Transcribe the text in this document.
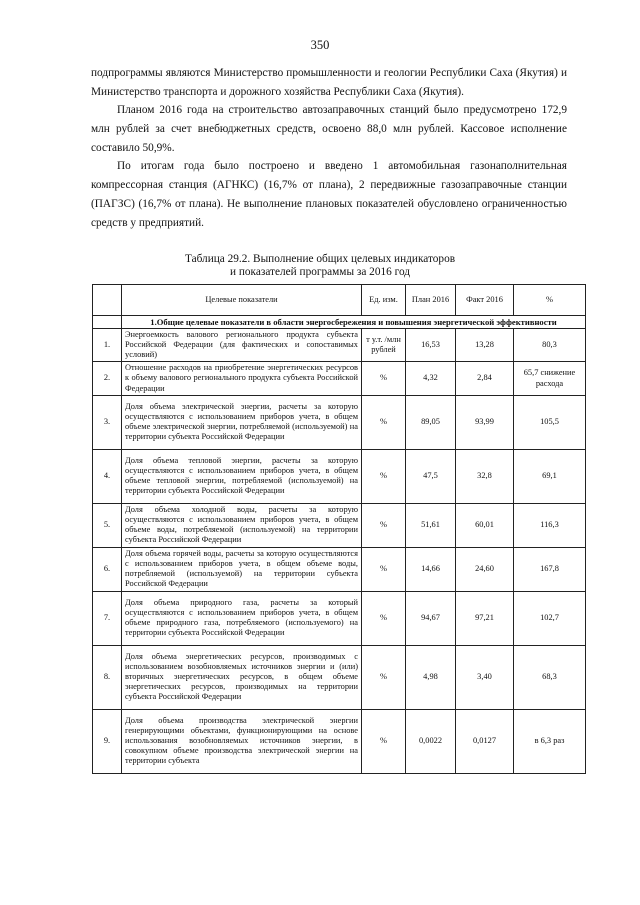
350

подпрограммы являются Министерство промышленности и геологии Республики Саха (Якутия) и Министерство транспорта и дорожного хозяйства Республики Саха (Якутия).

Планом 2016 года на строительство автозаправочных станций было предусмотрено 172,9 млн рублей за счет внебюджетных средств, освоено 88,0 млн рублей. Кассовое исполнение составило 50,9%.

По итогам года было построено и введено 1 автомобильная газонаполнительная компрессорная станция (АГНКС) (16,7% от плана), 2 передвижные газозаправочные станции (ПАГЗС) (16,7% от плана). Не выполнение плановых показателей обусловлено ограниченностью средств у предприятий.

Таблица 29.2. Выполнение общих целевых индикаторов
и показателей программы за 2016 год
	Целевые показатели	Ед. изм.	План 2016	Факт 2016	%
	1.Общие целевые показатели в области энергосбережения и повышения энергетической эффективности				
1.	Энергоемкость валового регионального продукта субъекта Российской Федерации (для фактических и сопоставимых условий)	т у.т. /млн рублей	16,53	13,28	80,3
2.	Отношение расходов на приобретение энергетических ресурсов к объему валового регионального продукта субъекта Российской Федерации	%	4,32	2,84	65,7 снижение расхода
3.	Доля объема электрической энергии, расчеты за которую осуществляются с использованием приборов учета, в общем объеме электрической энергии, потребляемой (используемой) на территории субъекта Российской Федерации	%	89,05	93,99	105,5
4.	Доля объема тепловой энергии, расчеты за которую осуществляются с использованием приборов учета, в общем объеме тепловой энергии, потребляемой (используемой) на территории субъекта Российской Федерации	%	47,5	32,8	69,1
5.	Доля объема холодной воды, расчеты за которую осуществляются с использованием приборов учета, в общем объеме воды, потребляемой (используемой) на территории субъекта Российской Федерации	%	51,61	60,01	116,3
6.	Доля объема горячей воды, расчеты за которую осуществляются с использованием приборов учета, в общем объеме воды, потребляемой (используемой) на территории субъекта Российской Федерации	%	14,66	24,60	167,8
7.	Доля объема природного газа, расчеты за который осуществляются с использованием приборов учета, в общем объеме природного газа, потребляемого (используемого) на территории субъекта Российской Федерации	%	94,67	97,21	102,7
8.	Доля объема энергетических ресурсов, производимых с использованием возобновляемых источников энергии и (или) вторичных энергетических ресурсов, в общем объеме энергетических ресурсов, производимых на территории субъекта Российской Федерации	%	4,98	3,40	68,3
9.	Доля объема производства электрической энергии генерирующими объектами, функционирующими на основе использования возобновляемых источников энергии, в совокупном объеме производства электрической энергии на территории субъекта	%	0,0022	0,0127	в 6,3 раз
